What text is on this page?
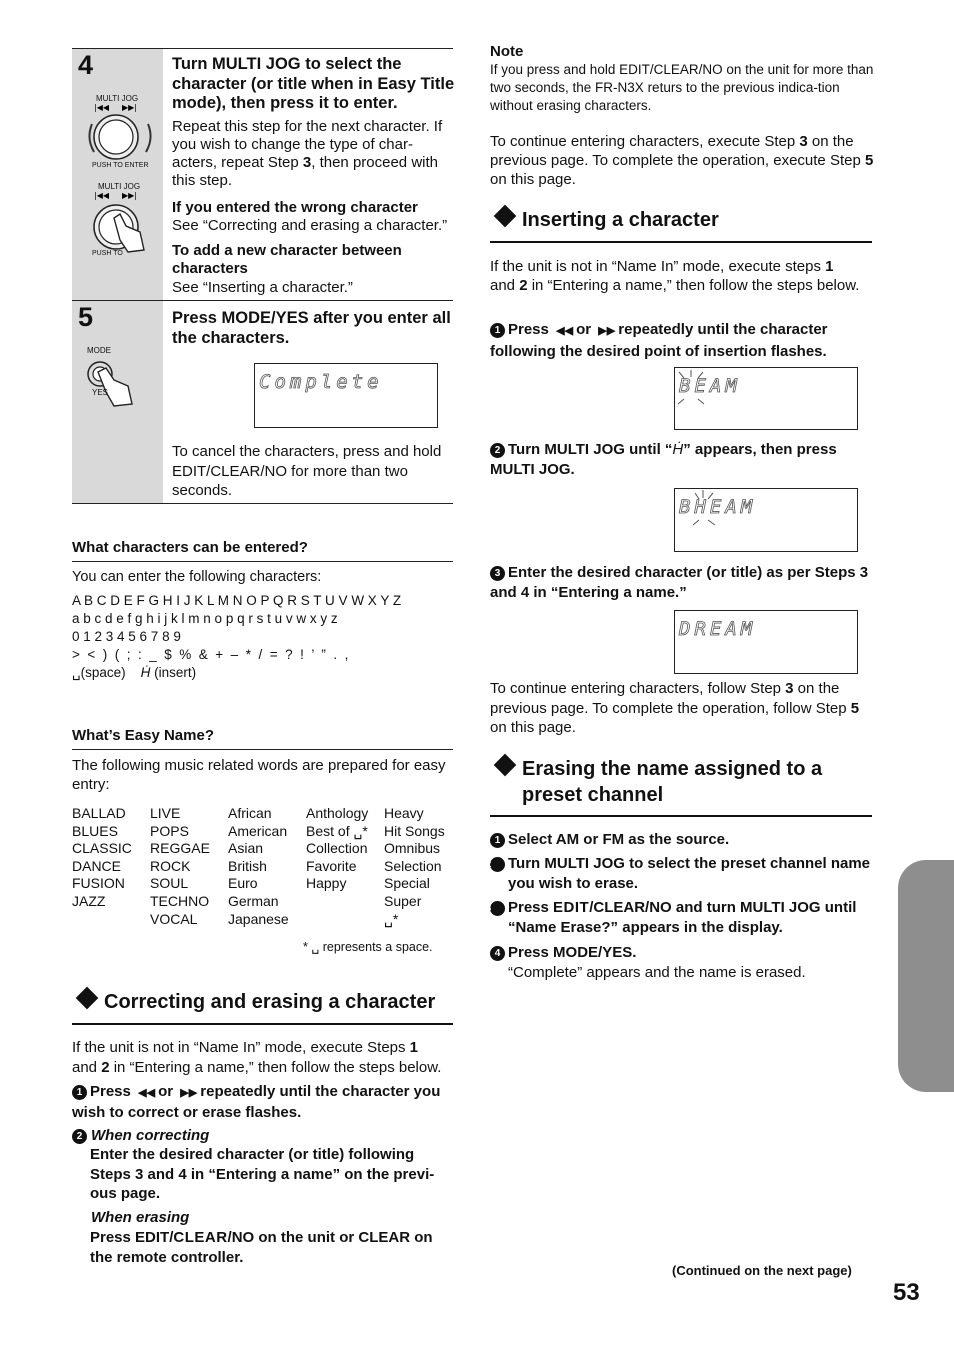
4
MULTI JOG
|◀◀ ▶▶|
PUSH TO ENTER
MULTI JOG
|◀◀ ▶▶|
PUSH TO
Turn MULTI JOG to select the character (or title when in Easy Title mode), then press it to enter.
Repeat this step for the next character. If you wish to change the type of char-acters, repeat Step 3, then proceed with this step.
If you entered the wrong character
See “Correcting and erasing a character.”
To add a new character between characters
See “Inserting a character.”
5
MODE
YES
Press MODE/YES after you enter all the characters.
Complete
To cancel the characters, press and hold EDIT/CLEAR/NO for more than two seconds.
What characters can be entered?
You can enter the following characters:
A B C D E F G H I J K L M N O P Q R S T U V W X Y Z
a b c d e f g h i j k l m n o p q r s t u v w x y z
0 1 2 3 4 5 6 7 8 9
>  <  )  (  ;  :  _  $  %  &  +  –  *  /  =  ?  !  ’  ”  .  ,
␣(space) Ḣ (insert)
What’s Easy Name?
The following music related words are prepared for easy entry:
BALLAD
BLUES
CLASSIC
DANCE
FUSION
JAZZ
LIVE
POPS
REGGAE
ROCK
SOUL
TECHNO
VOCAL
African
American
Asian
British
Euro
German
Japanese
Anthology
Best of ␣*
Collection
Favorite
Happy
Heavy
Hit Songs
Omnibus
Selection
Special
Super
␣*
* ␣ represents a space.
Correcting and erasing a character
If the unit is not in “Name In” mode, execute Steps 1
and 2 in “Entering a name,” then follow the steps below.
1 Press  ◀◀ or  ▶▶ repeatedly until the character you wish to correct or erase flashes.
2 When correcting
Enter the desired character (or title) following Steps 3 and 4 in “Entering a name” on the previ-ous page.
When erasing
Press EDIT/CLEAR/NO on the unit or CLEAR on the remote controller.
Note
If you press and hold EDIT/CLEAR/NO on the unit for more than two seconds, the FR-N3X returs to the previous indica-tion without erasing characters.
To continue entering characters, execute Step 3 on the previous page. To complete the operation, execute Step 5 on this page.
Inserting a character
If the unit is not in “Name In” mode, execute steps 1
and 2 in “Entering a name,” then follow the steps below.
1 Press  ◀◀ or  ▶▶ repeatedly until the character following the desired point of insertion flashes.
BEAM
2 Turn MULTI JOG until “Ḣ” appears, then press MULTI JOG.
BHEAM
3 Enter the desired character (or title) as per Steps 3 and 4 in “Entering a name.”
DREAM
To continue entering characters, follow Step 3 on the previous page. To complete the operation, follow Step 5 on this page.
Erasing the name assigned to a preset channel
1 Select AM or FM as the source.
2 Turn MULTI JOG to select the preset channel name you wish to erase.
3 Press EDIT/CLEAR/NO and turn MULTI JOG until “Name Erase?” appears in the display.
4 Press MODE/YES.
“Complete” appears and the name is erased.
(Continued on the next page)
53
